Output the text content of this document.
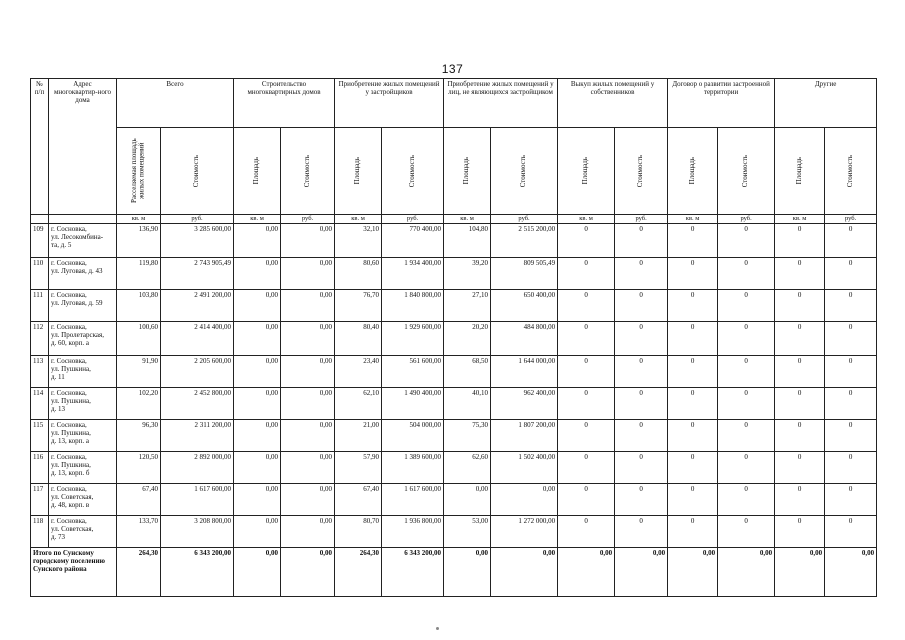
137
№ п/п	Адрес многоквартир-ного дома	Всего		Строительство многоквартирных домов		Приобретение жилых помещений у застройщиков		Приобретение жилых помещений у лиц, не являющихся застройщиком		Выкуп жилых помещений у собственников		Договор о развитии застроенной территории		Другие	

		Расселяемая площадь жилых помещений	Стоимость	Площадь	Стоимость	Площадь	Стоимость	Площадь	Стоимость	Площадь	Стоимость	Площадь	Стоимость	Площадь	Стоимость

		кв. м	руб.	кв. м	руб.	кв. м	руб.	кв. м	руб.	кв. м	руб.	кв. м	руб.	кв. м	руб.
109	г. Сосновка,
ул. Лесокомбина-
та, д. 5	136,90	3 285 600,00	0,00	0,00	32,10	770 400,00	104,80	2 515 200,00	0	0	0	0	0	0
110	г. Сосновка,
ул. Луговая, д. 43	119,80	2 743 905,49	0,00	0,00	80,60	1 934 400,00	39,20	809 505,49	0	0	0	0	0	0
111	г. Сосновка,
ул. Луговая, д. 59	103,80	2 491 200,00	0,00	0,00	76,70	1 840 800,00	27,10	650 400,00	0	0	0	0	0	0
112	г. Сосновка,
ул. Пролетарская,
д. 60, корп. а	100,60	2 414 400,00	0,00	0,00	80,40	1 929 600,00	20,20	484 800,00	0	0	0	0	0	0
113	г. Сосновка,
ул. Пушкина,
д. 11	91,90	2 205 600,00	0,00	0,00	23,40	561 600,00	68,50	1 644 000,00	0	0	0	0	0	0
114	г. Сосновка,
ул. Пушкина,
д. 13	102,20	2 452 800,00	0,00	0,00	62,10	1 490 400,00	40,10	962 400,00	0	0	0	0	0	0
115	г. Сосновка,
ул. Пушкина,
д. 13, корп. а	96,30	2 311 200,00	0,00	0,00	21,00	504 000,00	75,30	1 807 200,00	0	0	0	0	0	0
116	г. Сосновка,
ул. Пушкина,
д. 13, корп. б	120,50	2 892 000,00	0,00	0,00	57,90	1 389 600,00	62,60	1 502 400,00	0	0	0	0	0	0
117	г. Сосновка,
ул. Советская,
д. 48, корп. в	67,40	1 617 600,00	0,00	0,00	67,40	1 617 600,00	0,00	0,00	0	0	0	0	0	0
118	г. Сосновка,
ул. Советская,
д. 73	133,70	3 208 800,00	0,00	0,00	80,70	1 936 800,00	53,00	1 272 000,00	0	0	0	0	0	0
Итого по Сунскому городскому поселению Сунского района		264,30	6 343 200,00	0,00	0,00	264,30	6 343 200,00	0,00	0,00	0,00	0,00	0,00	0,00	0,00	0,00
